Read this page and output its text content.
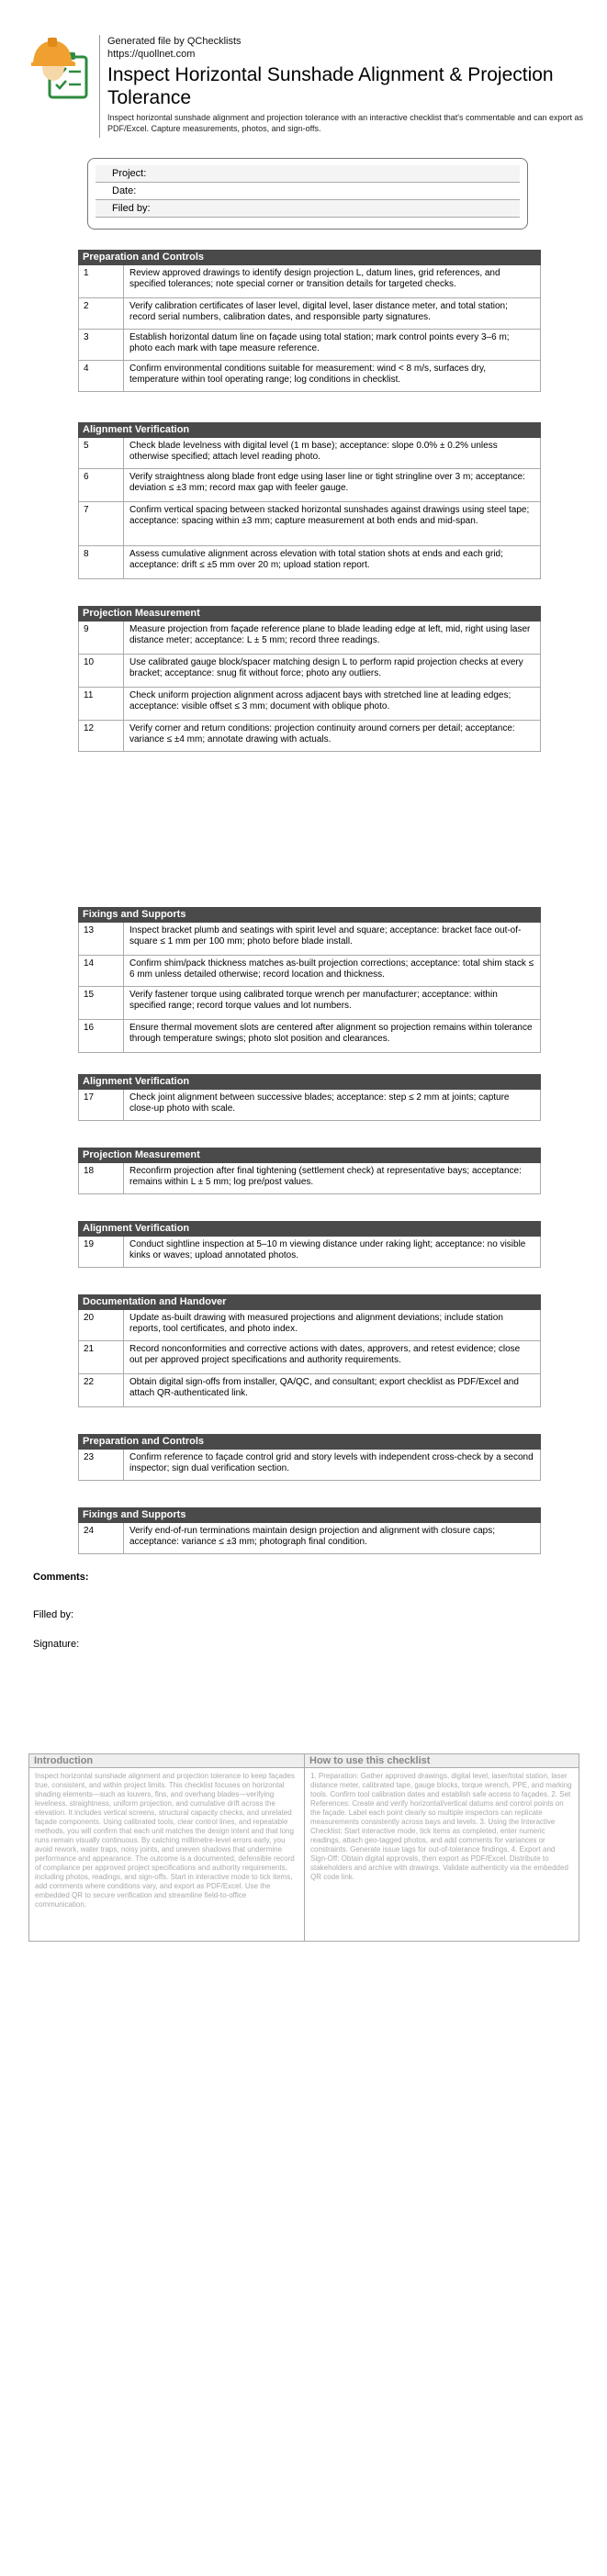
Generated file by QChecklists
https://quollnet.com
Inspect Horizontal Sunshade Alignment & Projection Tolerance
Inspect horizontal sunshade alignment and projection tolerance with an interactive checklist that's commentable and can export as PDF/Excel. Capture measurements, photos, and sign-offs.
Project:
Date:
Filed by:
Preparation and Controls
1	Review approved drawings to identify design projection L, datum lines, grid references, and specified tolerances; note special corner or transition details for targeted checks.
2	Verify calibration certificates of laser level, digital level, laser distance meter, and total station; record serial numbers, calibration dates, and responsible party signatures.
3	Establish horizontal datum line on façade using total station; mark control points every 3–6 m; photo each mark with tape measure reference.
4	Confirm environmental conditions suitable for measurement: wind < 8 m/s, surfaces dry, temperature within tool operating range; log conditions in checklist.
Alignment Verification
5	Check blade levelness with digital level (1 m base); acceptance: slope 0.0% ± 0.2% unless otherwise specified; attach level reading photo.
6	Verify straightness along blade front edge using laser line or tight stringline over 3 m; acceptance: deviation ≤ ±3 mm; record max gap with feeler gauge.
7	Confirm vertical spacing between stacked horizontal sunshades against drawings using steel tape; acceptance: spacing within ±3 mm; capture measurement at both ends and mid-span.
8	Assess cumulative alignment across elevation with total station shots at ends and each grid; acceptance: drift ≤ ±5 mm over 20 m; upload station report.
Projection Measurement
9	Measure projection from façade reference plane to blade leading edge at left, mid, right using laser distance meter; acceptance: L ± 5 mm; record three readings.
10	Use calibrated gauge block/spacer matching design L to perform rapid projection checks at every bracket; acceptance: snug fit without force; photo any outliers.
11	Check uniform projection alignment across adjacent bays with stretched line at leading edges; acceptance: visible offset ≤ 3 mm; document with oblique photo.
12	Verify corner and return conditions: projection continuity around corners per detail; acceptance: variance ≤ ±4 mm; annotate drawing with actuals.
Fixings and Supports
13	Inspect bracket plumb and seatings with spirit level and square; acceptance: bracket face out-of-square ≤ 1 mm per 100 mm; photo before blade install.
14	Confirm shim/pack thickness matches as-built projection corrections; acceptance: total shim stack ≤ 6 mm unless detailed otherwise; record location and thickness.
15	Verify fastener torque using calibrated torque wrench per manufacturer; acceptance: within specified range; record torque values and lot numbers.
16	Ensure thermal movement slots are centered after alignment so projection remains within tolerance through temperature swings; photo slot position and clearances.
Alignment Verification
17	Check joint alignment between successive blades; acceptance: step ≤ 2 mm at joints; capture close-up photo with scale.
Projection Measurement
18	Reconfirm projection after final tightening (settlement check) at representative bays; acceptance: remains within L ± 5 mm; log pre/post values.
Alignment Verification
19	Conduct sightline inspection at 5–10 m viewing distance under raking light; acceptance: no visible kinks or waves; upload annotated photos.
Documentation and Handover
20	Update as-built drawing with measured projections and alignment deviations; include station reports, tool certificates, and photo index.
21	Record nonconformities and corrective actions with dates, approvers, and retest evidence; close out per approved project specifications and authority requirements.
22	Obtain digital sign-offs from installer, QA/QC, and consultant; export checklist as PDF/Excel and attach QR-authenticated link.
Preparation and Controls
23	Confirm reference to façade control grid and story levels with independent cross-check by a second inspector; sign dual verification section.
Fixings and Supports
24	Verify end-of-run terminations maintain design projection and alignment with closure caps; acceptance: variance ≤ ±3 mm; photograph final condition.
Comments:
Filled by:
Signature:
Introduction
Inspect horizontal sunshade alignment and projection tolerance to keep façades true, consistent, and within project limits. This checklist focuses on horizontal shading elements—such as louvers, fins, and overhang blades—verifying levelness, straightness, uniform projection, and cumulative drift across the elevation. It includes vertical screens, structural capacity checks, and unrelated façade components. Using calibrated tools, clear control lines, and repeatable methods, you will confirm that each unit matches the design intent and that long runs remain visually continuous. By catching millimetre-level errors early, you avoid rework, water traps, noisy joints, and uneven shadows that undermine performance and appearance. The outcome is a documented, defensible record of compliance per approved project specifications and authority requirements, including photos, readings, and sign-offs. Start in interactive mode to tick items, add comments where conditions vary, and export as PDF/Excel. Use the embedded QR to secure verification and streamline field-to-office communication.
How to use this checklist
1. Preparation: Gather approved drawings, digital level, laser/total station, laser distance meter, calibrated tape, gauge blocks, torque wrench, PPE, and marking tools. Confirm tool calibration dates and establish safe access to façades. 2. Set References: Create and verify horizontal/vertical datums and control points on the façade. Label each point clearly so multiple inspectors can replicate measurements consistently across bays and levels. 3. Using the Interactive Checklist: Start interactive mode, tick items as completed, enter numeric readings, attach geo-tagged photos, and add comments for variances or constraints. Generate issue tags for out-of-tolerance findings. 4. Export and Sign-Off: Obtain digital approvals, then export as PDF/Excel. Distribute to stakeholders and archive with drawings. Validate authenticity via the embedded QR code link.
